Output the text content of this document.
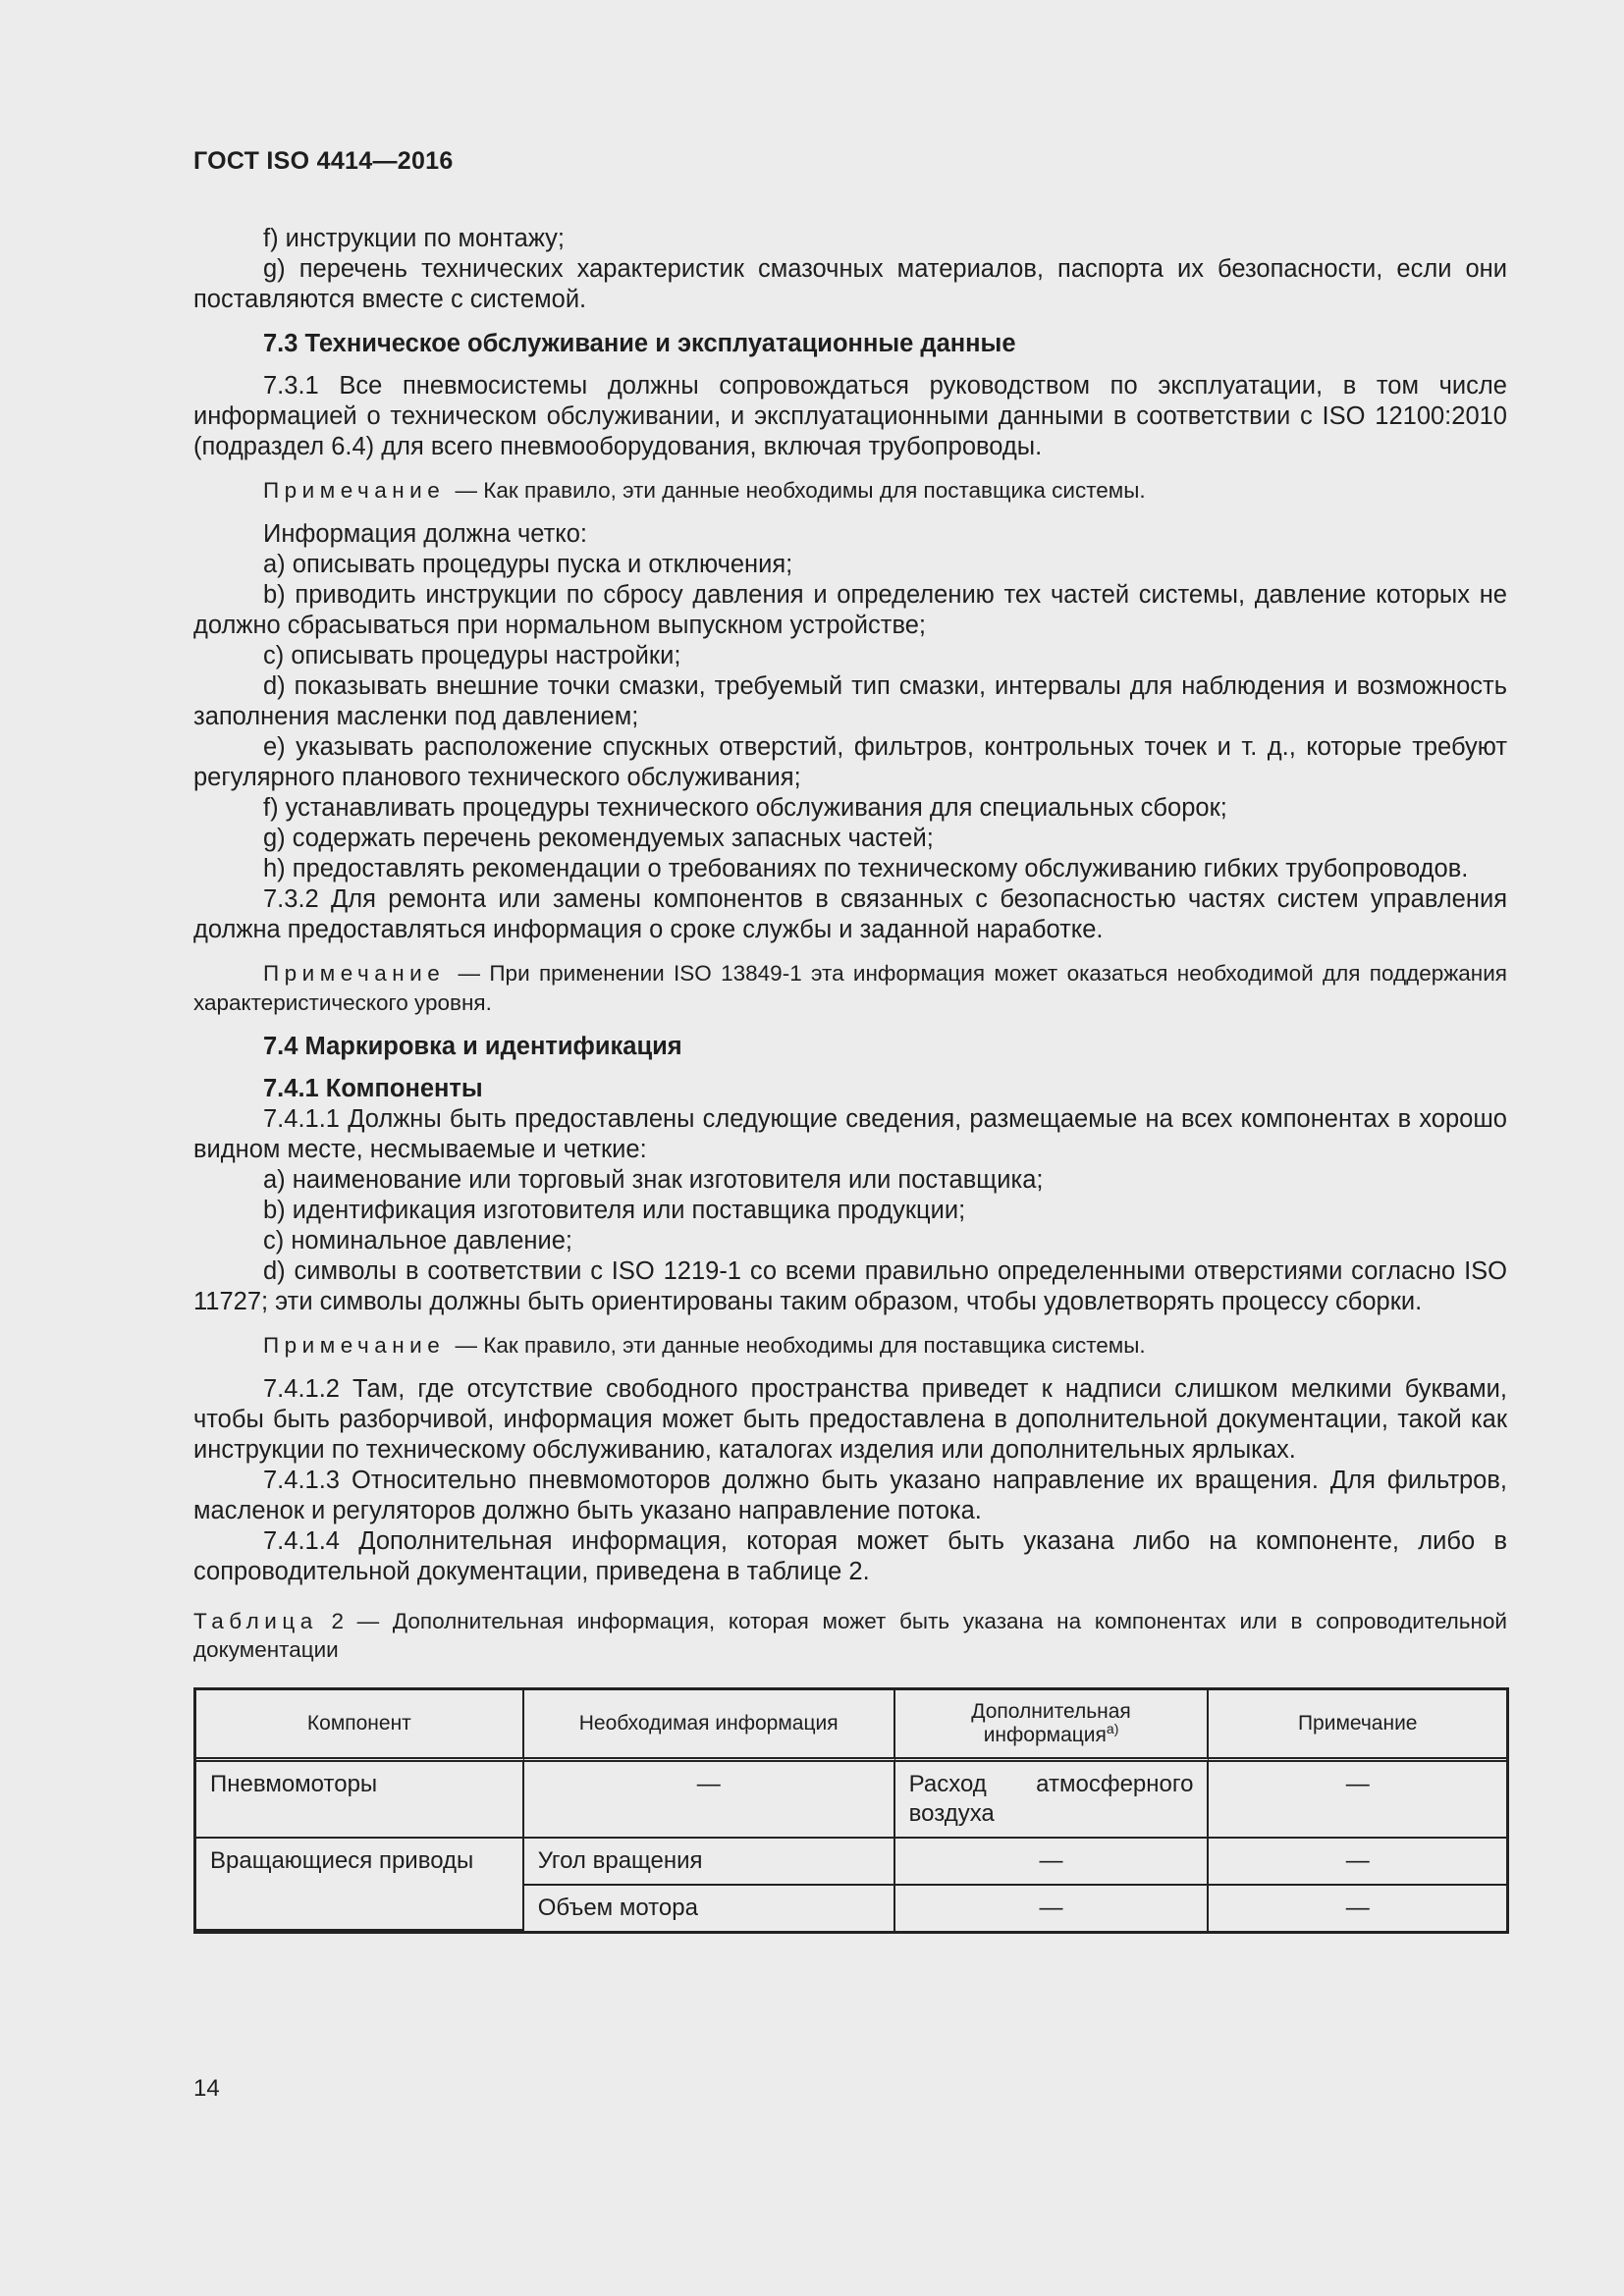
ГОСТ ISO 4414—2016

f) инструкции по монтажу;

g) перечень технических характеристик смазочных материалов, паспорта их безопасности, если они поставляются вместе с системой.

7.3 Техническое обслуживание и эксплуатационные данные

7.3.1 Все пневмосистемы должны сопровождаться руководством по эксплуатации, в том числе информацией о техническом обслуживании, и эксплуатационными данными в соответствии с ISO 12100:2010 (подраздел 6.4) для всего пневмооборудования, включая трубопроводы.

Примечание — Как правило, эти данные необходимы для поставщика системы.

Информация должна четко:

a) описывать процедуры пуска и отключения;

b) приводить инструкции по сбросу давления и определению тех частей системы, давление которых не должно сбрасываться при нормальном выпускном устройстве;

c) описывать процедуры настройки;

d) показывать внешние точки смазки, требуемый тип смазки, интервалы для наблюдения и возможность заполнения масленки под давлением;

e) указывать расположение спускных отверстий, фильтров, контрольных точек и т. д., которые требуют регулярного планового технического обслуживания;

f) устанавливать процедуры технического обслуживания для специальных сборок;

g) содержать перечень рекомендуемых запасных частей;

h) предоставлять рекомендации о требованиях по техническому обслуживанию гибких трубопроводов.

7.3.2 Для ремонта или замены компонентов в связанных с безопасностью частях систем управления должна предоставляться информация о сроке службы и заданной наработке.

Примечание — При применении ISO 13849-1 эта информация может оказаться необходимой для поддержания характеристического уровня.

7.4 Маркировка и идентификация
7.4.1 Компоненты

7.4.1.1 Должны быть предоставлены следующие сведения, размещаемые на всех компонентах в хорошо видном месте, несмываемые и четкие:

a) наименование или торговый знак изготовителя или поставщика;

b) идентификация изготовителя или поставщика продукции;

c) номинальное давление;

d) символы в соответствии с ISO 1219-1 со всеми правильно определенными отверстиями согласно ISO 11727; эти символы должны быть ориентированы таким образом, чтобы удовлетворять процессу сборки.

Примечание — Как правило, эти данные необходимы для поставщика системы.

7.4.1.2 Там, где отсутствие свободного пространства приведет к надписи слишком мелкими буквами, чтобы быть разборчивой, информация может быть предоставлена в дополнительной документации, такой как инструкции по техническому обслуживанию, каталогах изделия или дополнительных ярлыках.

7.4.1.3 Относительно пневмомоторов должно быть указано направление их вращения. Для фильтров, масленок и регуляторов должно быть указано направление потока.

7.4.1.4 Дополнительная информация, которая может быть указана либо на компоненте, либо в сопроводительной документации, приведена в таблице 2.

Таблица 2 — Дополнительная информация, которая может быть указана на компонентах или в сопроводительной документации
Компонент	Необходимая информация	Дополнительная информация$^{а)}$	Примечание
Пневмомоторы	—	Расход атмосферного воздуха	—
Вращающиеся приводы	Угол вращения	—	—
	Объем мотора	—	—
14
